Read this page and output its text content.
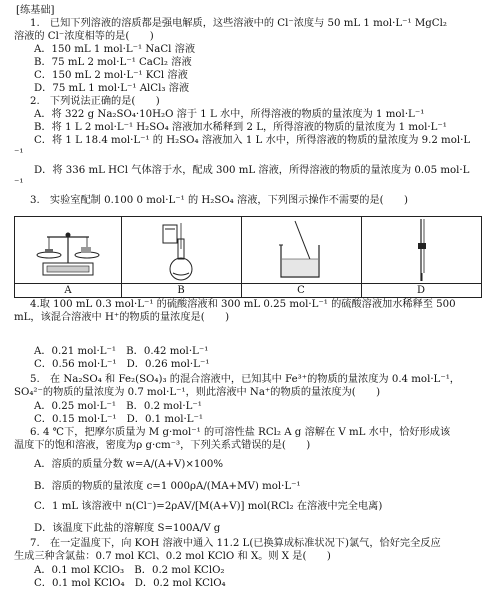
[练基础]
1.　已知下列溶液的溶质都是强电解质，这些溶液中的 Cl⁻浓度与 50 mL 1 mol·L⁻¹ MgCl₂
溶液的 Cl⁻浓度相等的是(　　)
A．150 mL 1 mol·L⁻¹ NaCl 溶液
B．75 mL 2 mol·L⁻¹ CaCl₂ 溶液
C．150 mL 2 mol·L⁻¹ KCl 溶液
D．75 mL 1 mol·L⁻¹ AlCl₃ 溶液
2.　下列说法正确的是(　　)
A．将 322 g Na₂SO₄·10H₂O 溶于 1 L 水中，所得溶液的物质的量浓度为 1 mol·L⁻¹
B．将 1 L 2 mol·L⁻¹ H₂SO₄ 溶液加水稀释到 2 L，所得溶液的物质的量浓度为 1 mol·L⁻¹
C．将 1 L 18.4 mol·L⁻¹ 的 H₂SO₄ 溶液加入 1 L 水中，所得溶液的物质的量浓度为 9.2 mol·L
⁻¹
D．将 336 mL HCl 气体溶于水，配成 300 mL 溶液，所得溶液的物质的量浓度为 0.05 mol·L
⁻¹
3.　实验室配制 0.100 0 mol·L⁻¹ 的 H₂SO₄ 溶液，下列图示操作不需要的是(　　)
A	B	C	D
4.取 100 mL 0.3 mol·L⁻¹ 的硫酸溶液和 300 mL 0.25 mol·L⁻¹ 的硫酸溶液加水稀释至 500
mL，该混合溶液中 H⁺的物质的量浓度是(　　)
A．0.21 mol·L⁻¹　B．0.42 mol·L⁻¹
C．0.56 mol·L⁻¹　D．0.26 mol·L⁻¹
5.　在 Na₂SO₄ 和 Fe₂(SO₄)₃ 的混合溶液中，已知其中 Fe³⁺的物质的量浓度为 0.4 mol·L⁻¹，
SO₄²⁻的物质的量浓度为 0.7 mol·L⁻¹，则此溶液中 Na⁺的物质的量浓度为(　　)
A．0.25 mol·L⁻¹　B．0.2 mol·L⁻¹
C．0.15 mol·L⁻¹　D．0.1 mol·L⁻¹
6. 4 ℃下，把摩尔质量为 M g·mol⁻¹ 的可溶性盐 RCl₂ A g 溶解在 V mL 水中，恰好形成该
温度下的饱和溶液，密度为ρ g·cm⁻³，下列关系式错误的是(　　)
A．溶质的质量分数 w=A/(A+V)×100%
B．溶质的物质的量浓度 c=1 000ρA/(MA+MV) mol·L⁻¹
C．1 mL 该溶液中 n(Cl⁻)=2ρAV/[M(A+V)] mol(RCl₂ 在溶液中完全电离)
D．该温度下此盐的溶解度 S=100A/V g
7.　在一定温度下，向 KOH 溶液中通入 11.2 L(已换算成标准状况下)氯气，恰好完全反应
生成三种含氯盐：0.7 mol KCl、0.2 mol KClO 和 X。则 X 是(　　)
A．0.1 mol KClO₃　B．0.2 mol KClO₂
C．0.1 mol KClO₄　D．0.2 mol KClO₄
